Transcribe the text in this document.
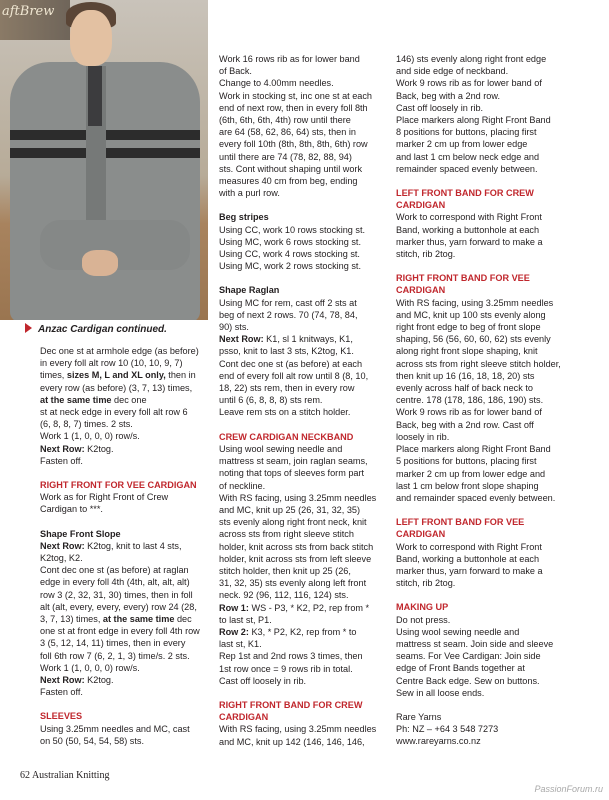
aftBrew
Anzac Cardigan continued.

Dec one st at armhole edge (as before)
in every foll alt row 10 (10, 10, 9, 7)
times, sizes M, L and XL only, then in
every row (as before) (3, 7, 13) times,
at the same time dec one
st at neck edge in every foll alt row 6
(6, 8, 8, 7) times. 2 sts.
Work 1 (1, 0, 0, 0) row/s.
Next Row: K2tog.
Fasten off.

RIGHT FRONT FOR VEE CARDIGAN

Work as for Right Front of Crew
Cardigan to ***.

Shape Front Slope

Next Row: K2tog, knit to last 4 sts,
K2tog, K2.
Cont dec one st (as before) at raglan
edge in every foll 4th (4th, alt, alt, alt)
row 3 (2, 32, 31, 30) times, then in foll
alt (alt, every, every, every) row 24 (28,
3, 7, 13) times, at the same time dec
one st at front edge in every foll 4th row
3 (5, 12, 14, 11) times, then in every
foll 6th row 7 (6, 2, 1, 3) time/s. 2 sts.
Work 1 (1, 0, 0, 0) row/s.
Next Row: K2tog.
Fasten off.

SLEEVES

Using 3.25mm needles and MC, cast
on 50 (50, 54, 54, 58) sts.

Work 16 rows rib as for lower band
of Back.
Change to 4.00mm needles.
Work in stocking st, inc one st at each
end of next row, then in every foll 8th
(6th, 6th, 6th, 4th) row until there
are 64 (58, 62, 86, 64) sts, then in
every foll 10th (8th, 8th, 8th, 6th) row
until there are 74 (78, 82, 88, 94)
sts. Cont without shaping until work
measures 40 cm from beg, ending
with a purl row.

Beg stripes

Using CC, work 10 rows stocking st.
Using MC, work 6 rows stocking st.
Using CC, work 4 rows stocking st.
Using MC, work 2 rows stocking st.

Shape Raglan

Using MC for rem, cast off 2 sts at
beg of next 2 rows. 70 (74, 78, 84,
90) sts.
Next Row: K1, sl 1 knitways, K1,
psso, knit to last 3 sts, K2tog, K1.
Cont dec one st (as before) at each
end of every foll alt row until 8 (8, 10,
18, 22) sts rem, then in every row
until 6 (6, 8, 8, 8) sts rem.
Leave rem sts on a stitch holder.

CREW CARDIGAN NECKBAND

Using wool sewing needle and
mattress st seam, join raglan seams,
noting that tops of sleeves form part
of neckline.
With RS facing, using 3.25mm needles
and MC, knit up 25 (26, 31, 32, 35)
sts evenly along right front neck, knit
across sts from right sleeve stitch
holder, knit across sts from back stitch
holder, knit across sts from left sleeve
stitch holder, then knit up 25 (26,
31, 32, 35) sts evenly along left front
neck. 92 (96, 112, 116, 124) sts.
Row 1: WS - P3, * K2, P2, rep from *
to last st, P1.
Row 2: K3, * P2, K2, rep from * to
last st, K1.
Rep 1st and 2nd rows 3 times, then
1st row once = 9 rows rib in total.
Cast off loosely in rib.

RIGHT FRONT BAND FOR CREW
CARDIGAN

With RS facing, using 3.25mm needles
and MC, knit up 142 (146, 146, 146,

146) sts evenly along right front edge
and side edge of neckband.
Work 9 rows rib as for lower band of
Back, beg with a 2nd row.
Cast off loosely in rib.
Place markers along Right Front Band
8 positions for buttons, placing first
marker 2 cm up from lower edge
and last 1 cm below neck edge and
remainder spaced evenly between.

LEFT FRONT BAND FOR CREW
CARDIGAN

Work to correspond with Right Front
Band, working a buttonhole at each
marker thus, yarn forward to make a
stitch, rib 2tog.

RIGHT FRONT BAND FOR VEE
CARDIGAN

With RS facing, using 3.25mm needles
and MC, knit up 100 sts evenly along
right front edge to beg of front slope
shaping, 56 (56, 60, 60, 62) sts evenly
along right front slope shaping, knit
across sts from right sleeve stitch holder,
then knit up 16 (16, 18, 18, 20) sts
evenly across half of back neck to
centre. 178 (178, 186, 186, 190) sts.
Work 9 rows rib as for lower band of
Back, beg with a 2nd row. Cast off
loosely in rib.
Place markers along Right Front Band
5 positions for buttons, placing first
marker 2 cm up from lower edge and
last 1 cm below front slope shaping
and remainder spaced evenly between.

LEFT FRONT BAND FOR VEE
CARDIGAN

Work to correspond with Right Front
Band, working a buttonhole at each
marker thus, yarn forward to make a
stitch, rib 2tog.

MAKING UP

Do not press.
Using wool sewing needle and
mattress st seam. Join side and sleeve
seams. For Vee Cardigan: Join side
edge of Front Bands together at
Centre Back edge. Sew on buttons.
Sew in all loose ends.

Rare Yarns
Ph: NZ – +64 3 548 7273
www.rareyarns.co.nz

62 Australian Knitting
PassionForum.ru
